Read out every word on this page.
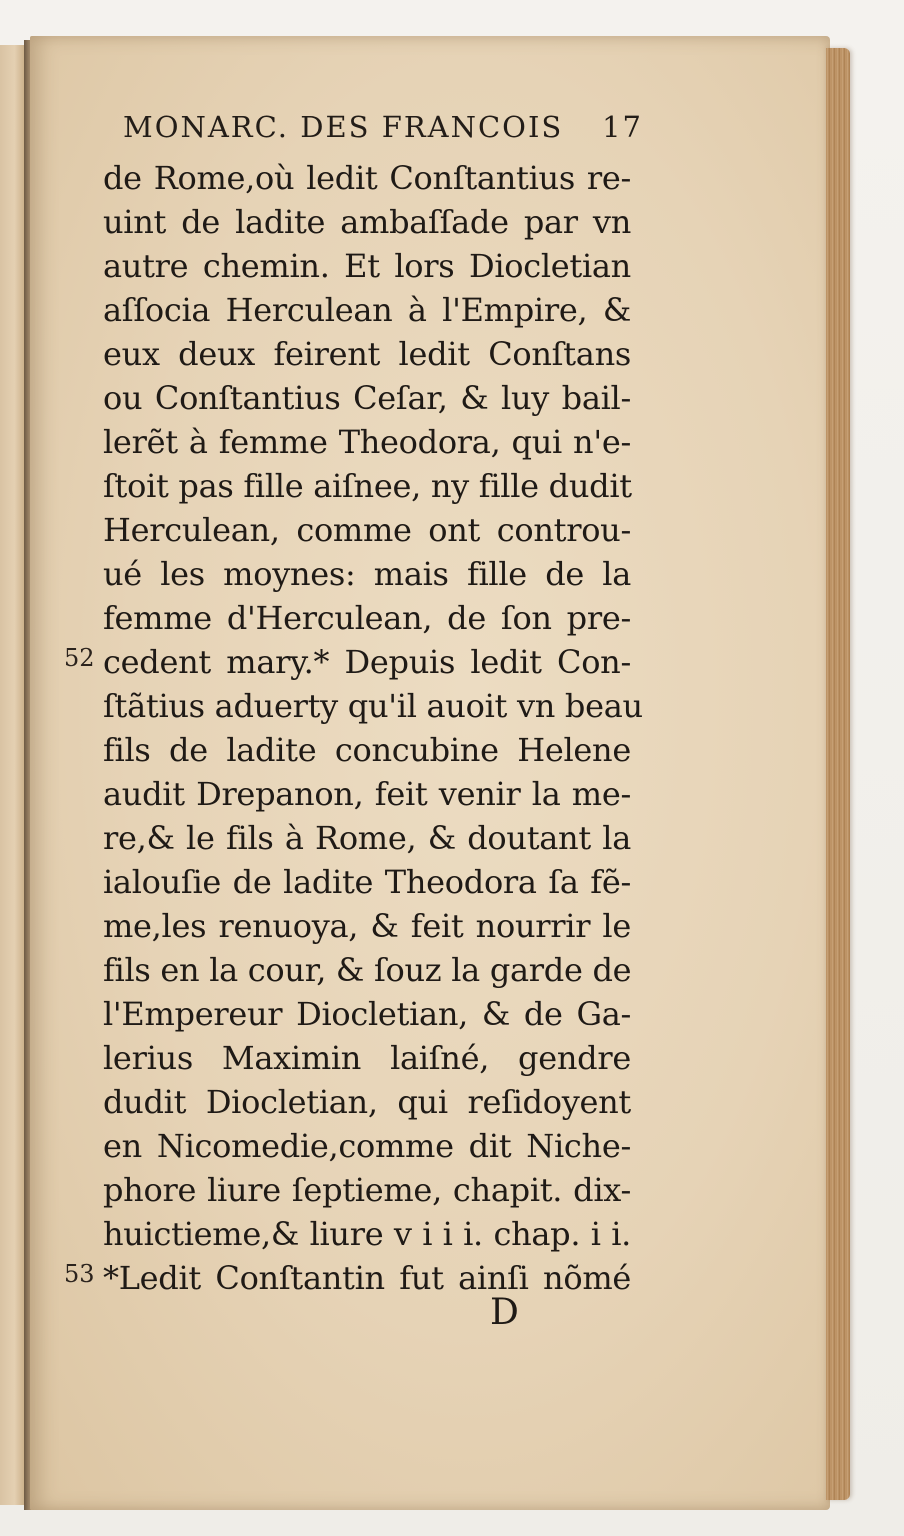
MONARC. DES FRANCOIS 17
de Rome,où ledit Conſtantius re-
uint de ladite ambaſſade par vn
autre chemin. Et lors Diocletian
aſſocia Herculean à l'Empire, &
eux deux feirent ledit Conſtans
ou Conſtantius Ceſar, & luy bail-
lerẽt à femme Theodora, qui n'e-
ſtoit pas fille aiſnee, ny fille dudit
Herculean, comme ont controu-
ué les moynes: mais fille de la
femme d'Herculean, de ſon pre-
cedent mary.* Depuis ledit Con-
ſtãtius aduerty qu'il auoit vn beau
fils de ladite concubine Helene
audit Drepanon, feit venir la me-
re,& le fils à Rome, & doutant la
ialouſie de ladite Theodora ſa fẽ-
me,les renuoya, & feit nourrir le
fils en la cour, & ſouz la garde de
l'Empereur Diocletian, & de Ga-
lerius Maximin laiſné, gendre
dudit Diocletian, qui reſidoyent
en Nicomedie,comme dit Niche-
phore liure ſeptieme, chapit. dix-
huictieme,& liure v i i i. chap. i i.
*Ledit Conſtantin fut ainſi nõmé
52
53
D
